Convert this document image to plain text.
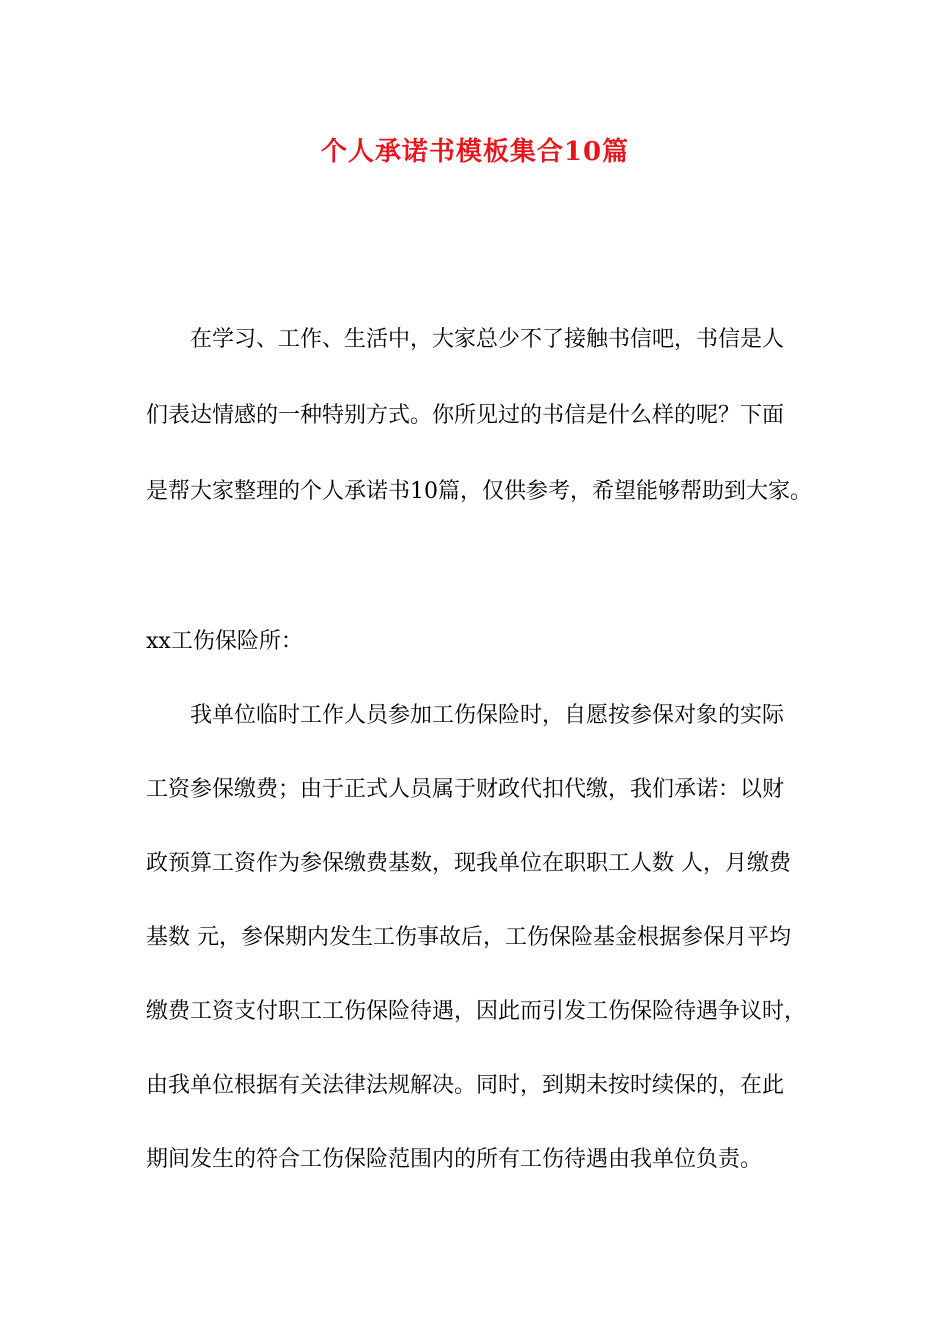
个人承诺书模板集合10篇
在学习、工作、生活中，大家总少不了接触书信吧，书信是人
们表达情感的一种特别方式。你所见过的书信是什么样的呢？下面
是帮大家整理的个人承诺书10篇，仅供参考，希望能够帮助到大家。
xx工伤保险所：
我单位临时工作人员参加工伤保险时，自愿按参保对象的实际
工资参保缴费；由于正式人员属于财政代扣代缴，我们承诺：以财
政预算工资作为参保缴费基数，现我单位在职职工人数 人，月缴费
基数 元，参保期内发生工伤事故后，工伤保险基金根据参保月平均
缴费工资支付职工工伤保险待遇，因此而引发工伤保险待遇争议时，
由我单位根据有关法律法规解决。同时，到期未按时续保的，在此
期间发生的符合工伤保险范围内的所有工伤待遇由我单位负责。
